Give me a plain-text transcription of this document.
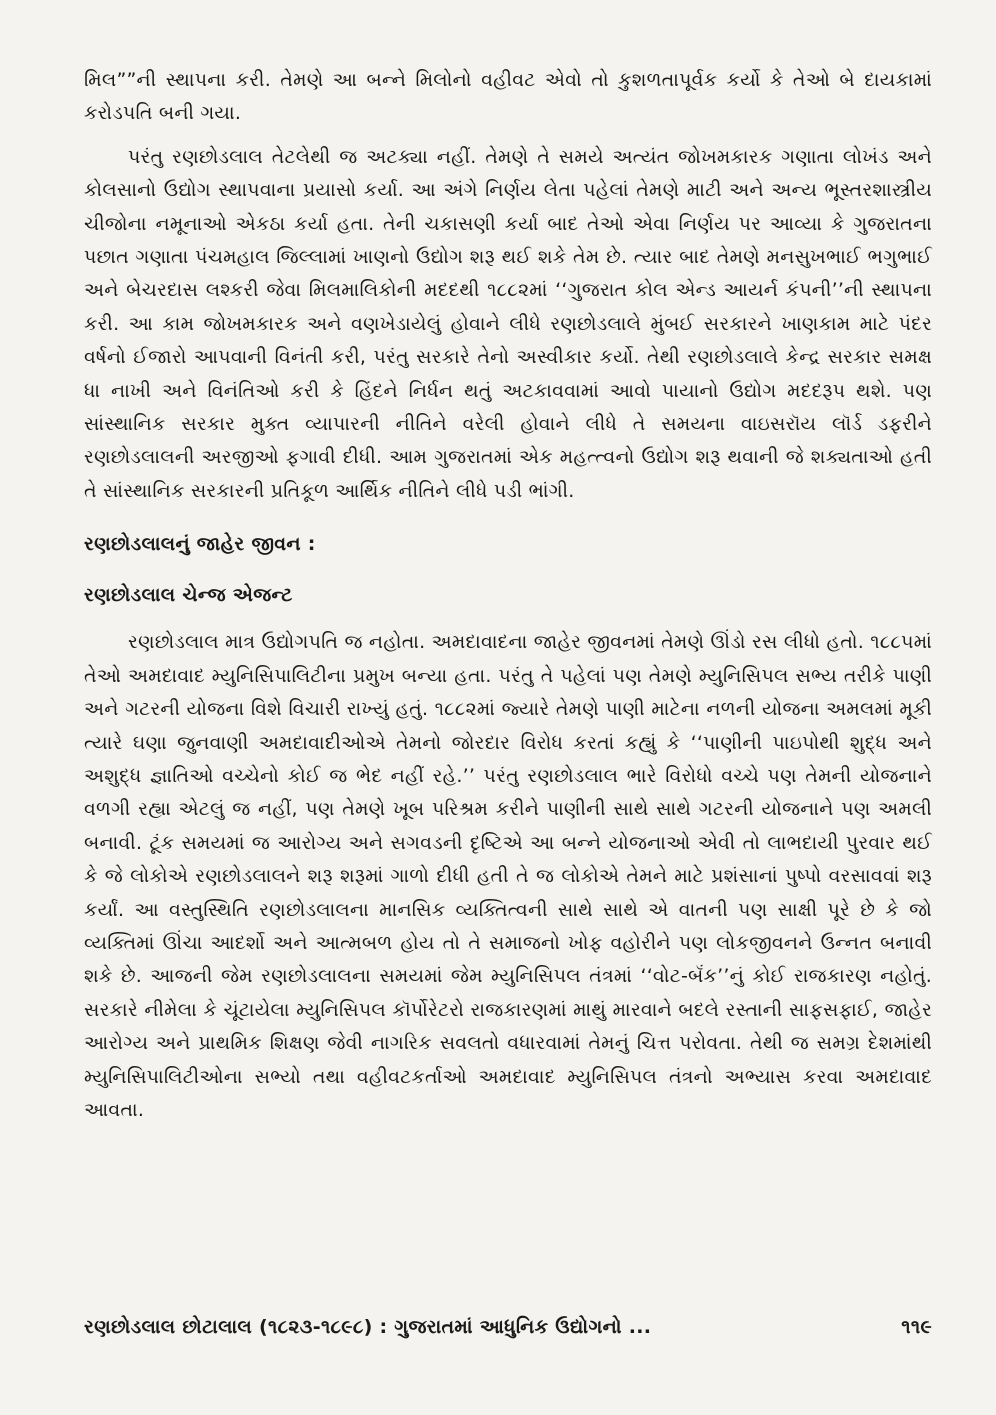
મિલ””ની સ્થાપના કરી. તેમણે આ બન્ને મિલોનો વહીવટ એવો તો કુશળતાપૂર્વક કર્યો કે તેઓ બે દાયકામાં કરોડપતિ બની ગયા.

પરંતુ રણછોડલાલ તેટલેથી જ અટક્યા નહીં. તેમણે તે સમયે અત્યંત જોખમકારક ગણાતા લોખંડ અને કોલસાનો ઉદ્યોગ સ્થાપવાના પ્રયાસો કર્યા. આ અંગે નિર્ણય લેતા પહેલાં તેમણે માટી અને અન્ય ભૂસ્તરશાસ્ત્રીય ચીજોના નમૂનાઓ એકઠા કર્યા હતા. તેની ચકાસણી કર્યા બાદ તેઓ એવા નિર્ણય પર આવ્યા કે ગુજરાતના પછાત ગણાતા પંચમહાલ જિલ્લામાં ખાણનો ઉદ્યોગ શરૂ થઈ શકે તેમ છે. ત્યાર બાદ તેમણે મનસુખભાઈ ભગુભાઈ અને બેચરદાસ લશ્કરી જેવા મિલમાલિકોની મદદથી ૧૮૮૨માં ‘‘ગુજરાત કોલ એન્ડ આયર્ન કંપની’’ની સ્થાપના કરી. આ કામ જોખમકારક અને વણખેડાયેલું હોવાને લીધે રણછોડલાલે મુંબઈ સરકારને ખાણકામ માટે પંદર વર્ષનો ઈજારો આપવાની વિનંતી કરી, પરંતુ સરકારે તેનો અસ્વીકાર કર્યો. તેથી રણછોડલાલે કેન્દ્ર સરકાર સમક્ષ ધા નાખી અને વિનંતિઓ કરી કે હિંદને નિર્ધન થતું અટકાવવામાં આવો પાયાનો ઉદ્યોગ મદદરૂપ થશે. પણ સાંસ્થાનિક સરકાર મુક્ત વ્યાપારની નીતિને વરેલી હોવાને લીધે તે સમયના વાઇસરૉય લૉર્ડ ડફરીને રણછોડલાલની અરજીઓ ફગાવી દીધી. આમ ગુજરાતમાં એક મહત્ત્વનો ઉદ્યોગ શરૂ થવાની જે શક્યતાઓ હતી તે સાંસ્થાનિક સરકારની પ્રતિકૂળ આર્થિક નીતિને લીધે પડી ભાંગી.

રણછોડલાલનું જાહેર જીવન :
રણછોડલાલ ચેન્જ એજન્ટ

રણછોડલાલ માત્ર ઉદ્યોગપતિ જ નહોતા. અમદાવાદના જાહેર જીવનમાં તેમણે ઊંડો રસ લીધો હતો. ૧૮૮૫માં તેઓ અમદાવાદ મ્યુનિસિપાલિટીના પ્રમુખ બન્યા હતા. પરંતુ તે પહેલાં પણ તેમણે મ્યુનિસિપલ સભ્ય તરીકે પાણી અને ગટરની યોજના વિશે વિચારી રાખ્યું હતું. ૧૮૮૨માં જ્યારે તેમણે પાણી માટેના નળની યોજના અમલમાં મૂકી ત્યારે ઘણા જુનવાણી અમદાવાદીઓએ તેમનો જોરદાર વિરોધ કરતાં કહ્યું કે ‘‘પાણીની પાઇપોથી શુદ્ધ અને અશુદ્ધ જ્ઞાતિઓ વચ્ચેનો કોઈ જ ભેદ નહીં રહે.’’ પરંતુ રણછોડલાલ ભારે વિરોધો વચ્ચે પણ તેમની યોજનાને વળગી રહ્યા એટલું જ નહીં, પણ તેમણે ખૂબ પરિશ્રમ કરીને પાણીની સાથે સાથે ગટરની યોજનાને પણ અમલી બનાવી. ટૂંક સમયમાં જ આરોગ્ય અને સગવડની દૃષ્ટિએ આ બન્ને યોજનાઓ એવી તો લાભદાયી પુરવાર થઈ કે જે લોકોએ રણછોડલાલને શરૂ શરૂમાં ગાળો દીધી હતી તે જ લોકોએ તેમને માટે પ્રશંસાનાં પુષ્પો વરસાવવાં શરૂ કર્યાં. આ વસ્તુસ્થિતિ રણછોડલાલના માનસિક વ્યક્તિત્વની સાથે સાથે એ વાતની પણ સાક્ષી પૂરે છે કે જો વ્યક્તિમાં ઊંચા આદર્શો અને આત્મબળ હોય તો તે સમાજનો ખોફ વહોરીને પણ લોકજીવનને ઉન્નત બનાવી શકે છે. આજની જેમ રણછોડલાલના સમયમાં જેમ મ્યુનિસિપલ તંત્રમાં ‘‘વોટ-બૅંક’’નું કોઈ રાજકારણ નહોતું. સરકારે નીમેલા કે ચૂંટાયેલા મ્યુનિસિપલ કૉર્પોરેટરો રાજકારણમાં માથું મારવાને બદલે રસ્તાની સાફસફાઈ, જાહેર આરોગ્ય અને પ્રાથમિક શિક્ષણ જેવી નાગરિક સવલતો વધારવામાં તેમનું ચિત્ત પરોવતા. તેથી જ સમગ્ર દેશમાંથી મ્યુનિસિપાલિટીઓના સભ્યો તથા વહીવટકર્તાઓ અમદાવાદ મ્યુનિસિપલ તંત્રનો અભ્યાસ કરવા અમદાવાદ આવતા.

રણછોડલાલ છોટાલાલ (૧૮૨૩-૧૮૯૮) : ગુજરાતમાં આધુનિક ઉદ્યોગનો ...	૧૧૯
